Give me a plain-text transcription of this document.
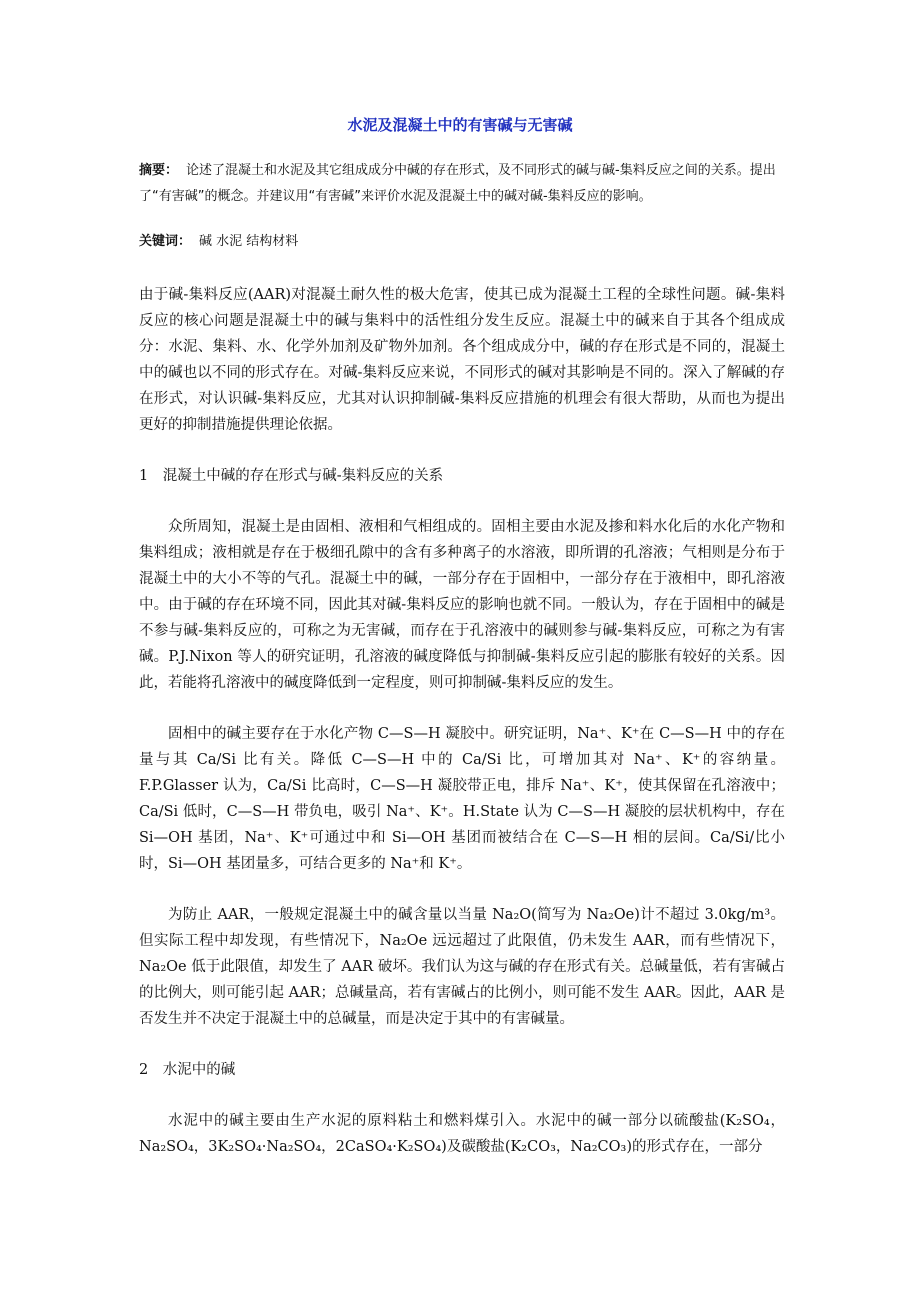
水泥及混凝土中的有害碱与无害碱
摘要： 论述了混凝土和水泥及其它组成成分中碱的存在形式，及不同形式的碱与碱-集料反应之间的关系。提出了“有害碱”的概念。并建议用“有害碱”来评价水泥及混凝土中的碱对碱-集料反应的影响。
关键词： 碱 水泥 结构材料

由于碱-集料反应(AAR)对混凝土耐久性的极大危害，使其已成为混凝土工程的全球性问题。碱-集料反应的核心问题是混凝土中的碱与集料中的活性组分发生反应。混凝土中的碱来自于其各个组成成分：水泥、集料、水、化学外加剂及矿物外加剂。各个组成成分中，碱的存在形式是不同的，混凝土中的碱也以不同的形式存在。对碱-集料反应来说，不同形式的碱对其影响是不同的。深入了解碱的存在形式，对认识碱-集料反应，尤其对认识抑制碱-集料反应措施的机理会有很大帮助，从而也为提出更好的抑制措施提供理论依据。

1　混凝土中碱的存在形式与碱-集料反应的关系

众所周知，混凝土是由固相、液相和气相组成的。固相主要由水泥及掺和料水化后的水化产物和集料组成；液相就是存在于极细孔隙中的含有多种离子的水溶液，即所谓的孔溶液；气相则是分布于混凝土中的大小不等的气孔。混凝土中的碱，一部分存在于固相中，一部分存在于液相中，即孔溶液中。由于碱的存在环境不同，因此其对碱-集料反应的影响也就不同。一般认为，存在于固相中的碱是不参与碱-集料反应的，可称之为无害碱，而存在于孔溶液中的碱则参与碱-集料反应，可称之为有害碱。P.J.Nixon 等人的研究证明，孔溶液的碱度降低与抑制碱-集料反应引起的膨胀有较好的关系。因此，若能将孔溶液中的碱度降低到一定程度，则可抑制碱-集料反应的发生。

固相中的碱主要存在于水化产物 C—S—H 凝胶中。研究证明，Na⁺、K⁺在 C—S—H 中的存在量与其 Ca/Si 比有关。降低 C—S—H 中的 Ca/Si 比，可增加其对 Na⁺、K⁺的容纳量。F.P.Glasser 认为，Ca/Si 比高时，C—S—H 凝胶带正电，排斥 Na⁺、K⁺，使其保留在孔溶液中；Ca/Si 低时，C—S—H 带负电，吸引 Na⁺、K⁺。H.State 认为 C—S—H 凝胶的层状机构中，存在 Si—OH 基团，Na⁺、K⁺可通过中和 Si—OH 基团而被结合在 C—S—H 相的层间。Ca/Si/比小时，Si—OH 基团量多，可结合更多的 Na⁺和 K⁺。

为防止 AAR，一般规定混凝土中的碱含量以当量 Na₂O(简写为 Na₂Oe)计不超过 3.0kg/m³。但实际工程中却发现，有些情况下，Na₂Oe 远远超过了此限值，仍未发生 AAR，而有些情况下，Na₂Oe 低于此限值，却发生了 AAR 破坏。我们认为这与碱的存在形式有关。总碱量低，若有害碱占的比例大，则可能引起 AAR；总碱量高，若有害碱占的比例小，则可能不发生 AAR。因此，AAR 是否发生并不决定于混凝土中的总碱量，而是决定于其中的有害碱量。

2　水泥中的碱

水泥中的碱主要由生产水泥的原料粘土和燃料煤引入。水泥中的碱一部分以硫酸盐(K₂SO₄，Na₂SO₄，3K₂SO₄·Na₂SO₄，2CaSO₄·K₂SO₄)及碳酸盐(K₂CO₃，Na₂CO₃)的形式存在，一部分
